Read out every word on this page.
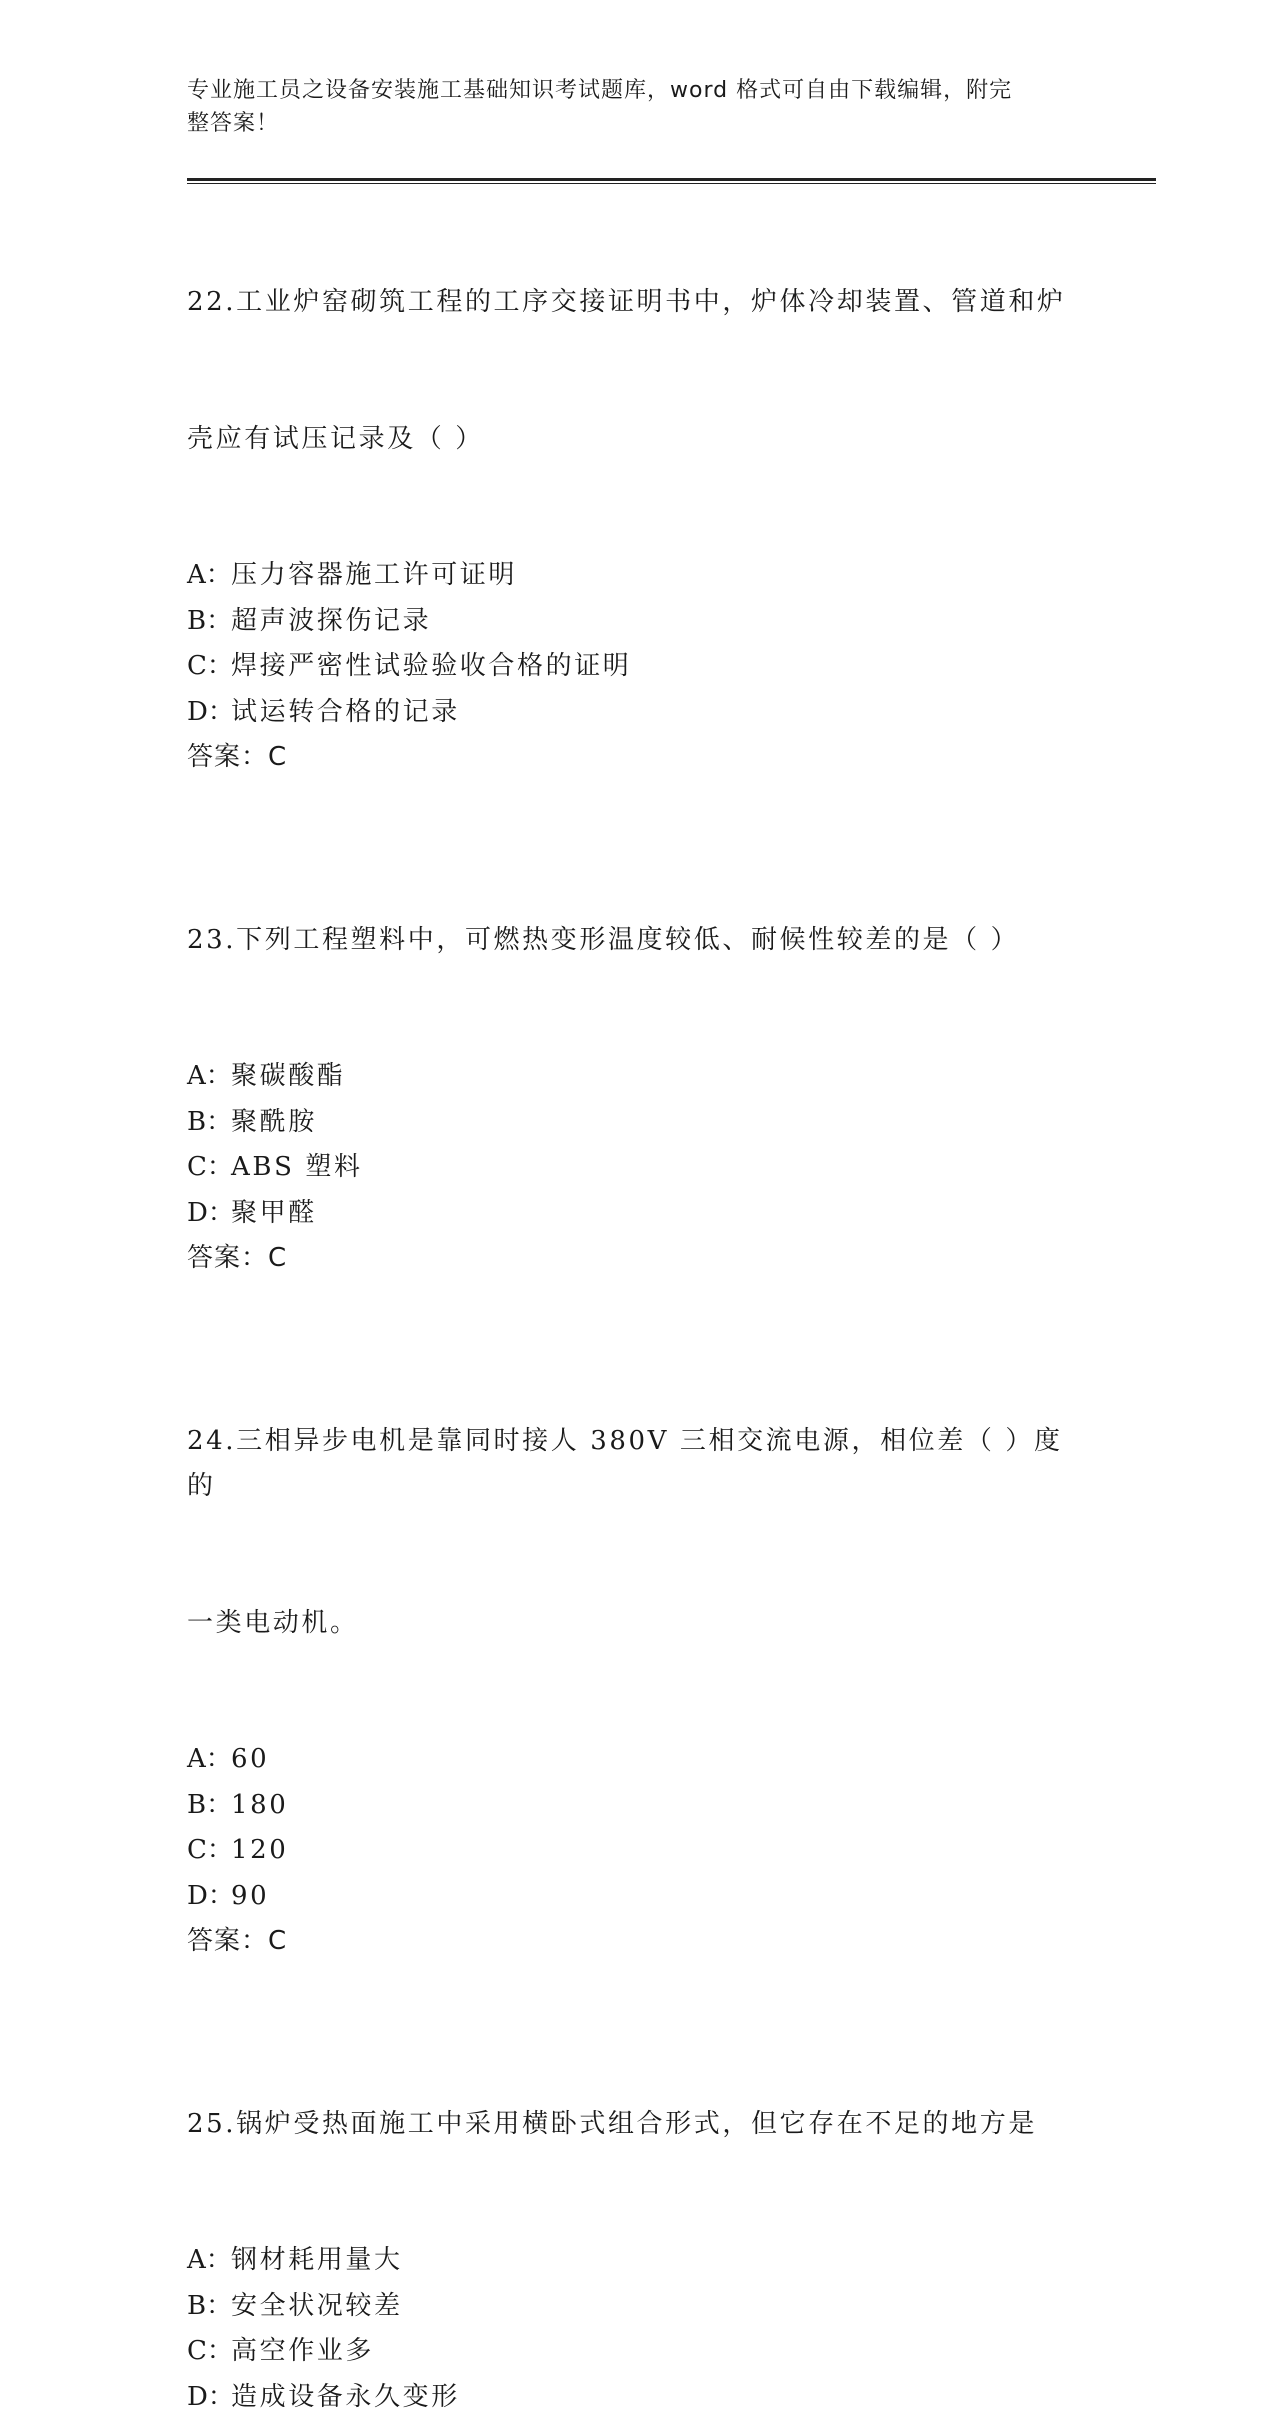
专业施工员之设备安装施工基础知识考试题库，word 格式可自由下载编辑，附完
整答案！

22.工业炉窑砌筑工程的工序交接证明书中，炉体冷却装置、管道和炉

壳应有试压记录及（ ）

A：压力容器施工许可证明
B：超声波探伤记录
C：焊接严密性试验验收合格的证明
D：试运转合格的记录
答案：C

23.下列工程塑料中，可燃热变形温度较低、耐候性较差的是（ ）

A：聚碳酸酯
B：聚酰胺
C：ABS 塑料
D：聚甲醛
答案：C

24.三相异步电机是靠同时接人 380V 三相交流电源，相位差（ ）度的

一类电动机。

A：60
B：180
C：120
D：90
答案：C

25.锅炉受热面施工中采用横卧式组合形式，但它存在不足的地方是

A：钢材耗用量大
B：安全状况较差
C：高空作业多
D：造成设备永久变形
